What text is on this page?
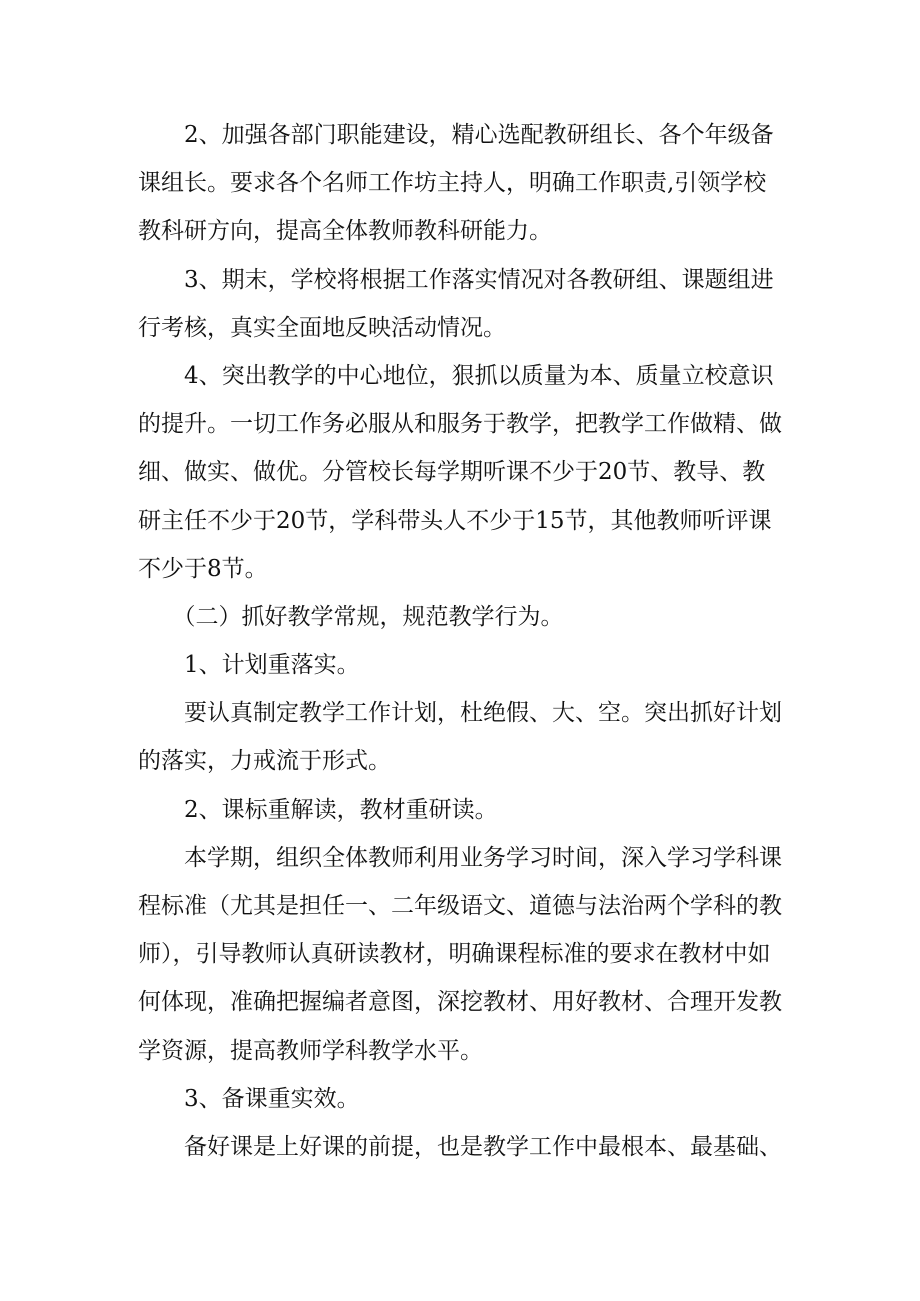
　　2、加强各部门职能建设，精心选配教研组长、各个年级备
课组长。要求各个名师工作坊主持人，明确工作职责,引领学校
教科研方向，提高全体教师教科研能力。
　　3、期末，学校将根据工作落实情况对各教研组、课题组进
行考核，真实全面地反映活动情况。
　　4、突出教学的中心地位，狠抓以质量为本、质量立校意识
的提升。一切工作务必服从和服务于教学，把教学工作做精、做
细、做实、做优。分管校长每学期听课不少于20节、教导、教
研主任不少于20节，学科带头人不少于15节，其他教师听评课
不少于8节。
　　（二）抓好教学常规，规范教学行为。
　　1、计划重落实。
　　要认真制定教学工作计划，杜绝假、大、空。突出抓好计划
的落实，力戒流于形式。
　　2、课标重解读，教材重研读。
　　本学期，组织全体教师利用业务学习时间，深入学习学科课
程标准（尤其是担任一、二年级语文、道德与法治两个学科的教
师），引导教师认真研读教材，明确课程标准的要求在教材中如
何体现，准确把握编者意图，深挖教材、用好教材、合理开发教
学资源，提高教师学科教学水平。
　　3、备课重实效。
　　备好课是上好课的前提，也是教学工作中最根本、最基础、
